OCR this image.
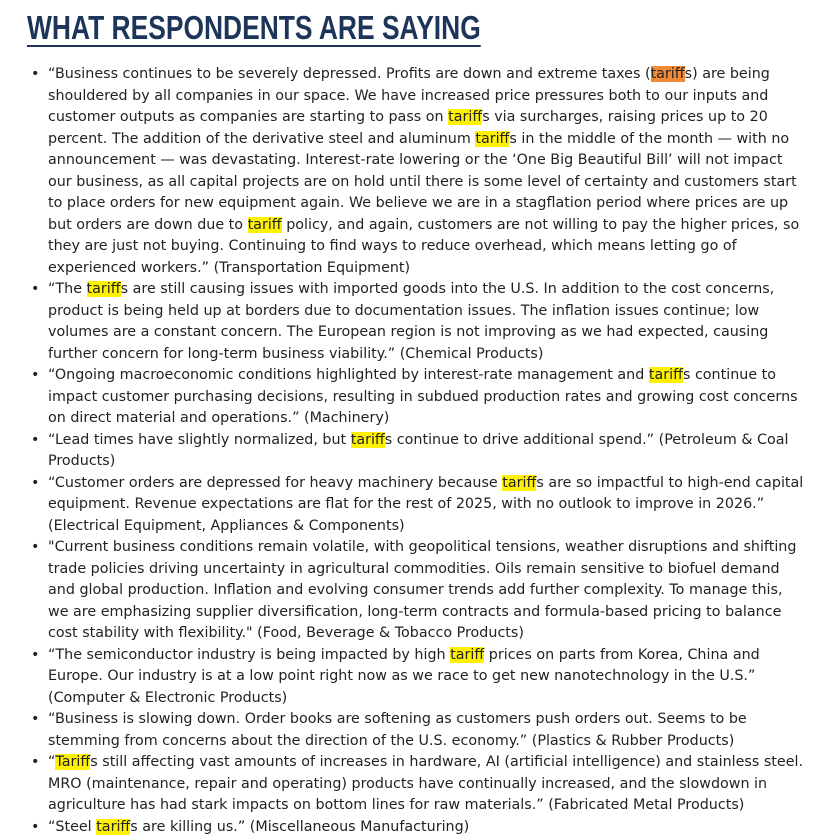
WHAT RESPONDENTS ARE SAYING
• “Business continues to be severely depressed. Profits are down and extreme taxes (tariffs) are being shouldered by all companies in our space. We have increased price pressures both to our inputs and customer outputs as companies are starting to pass on tariffs via surcharges, raising prices up to 20 percent. The addition of the derivative steel and aluminum tariffs in the middle of the month — with no announcement — was devastating. Interest-rate lowering or the ‘One Big Beautiful Bill’ will not impact our business, as all capital projects are on hold until there is some level of certainty and customers start to place orders for new equipment again. We believe we are in a stagflation period where prices are up but orders are down due to tariff policy, and again, customers are not willing to pay the higher prices, so they are just not buying. Continuing to find ways to reduce overhead, which means letting go of experienced workers.” (Transportation Equipment)
• “The tariffs are still causing issues with imported goods into the U.S. In addition to the cost concerns, product is being held up at borders due to documentation issues. The inflation issues continue; low volumes are a constant concern. The European region is not improving as we had expected, causing further concern for long-term business viability.” (Chemical Products)
• “Ongoing macroeconomic conditions highlighted by interest-rate management and tariffs continue to impact customer purchasing decisions, resulting in subdued production rates and growing cost concerns on direct material and operations.” (Machinery)
• “Lead times have slightly normalized, but tariffs continue to drive additional spend.” (Petroleum & Coal Products)
• “Customer orders are depressed for heavy machinery because tariffs are so impactful to high-end capital equipment. Revenue expectations are flat for the rest of 2025, with no outlook to improve in 2026.” (Electrical Equipment, Appliances & Components)
• "Current business conditions remain volatile, with geopolitical tensions, weather disruptions and shifting trade policies driving uncertainty in agricultural commodities. Oils remain sensitive to biofuel demand and global production. Inflation and evolving consumer trends add further complexity. To manage this, we are emphasizing supplier diversification, long-term contracts and formula-based pricing to balance cost stability with flexibility." (Food, Beverage & Tobacco Products)
• “The semiconductor industry is being impacted by high tariff prices on parts from Korea, China and Europe. Our industry is at a low point right now as we race to get new nanotechnology in the U.S.” (Computer & Electronic Products)
• “Business is slowing down. Order books are softening as customers push orders out. Seems to be stemming from concerns about the direction of the U.S. economy.” (Plastics & Rubber Products)
• “Tariffs still affecting vast amounts of increases in hardware, AI (artificial intelligence) and stainless steel. MRO (maintenance, repair and operating) products have continually increased, and the slowdown in agriculture has had stark impacts on bottom lines for raw materials.” (Fabricated Metal Products)
• “Steel tariffs are killing us.” (Miscellaneous Manufacturing)
